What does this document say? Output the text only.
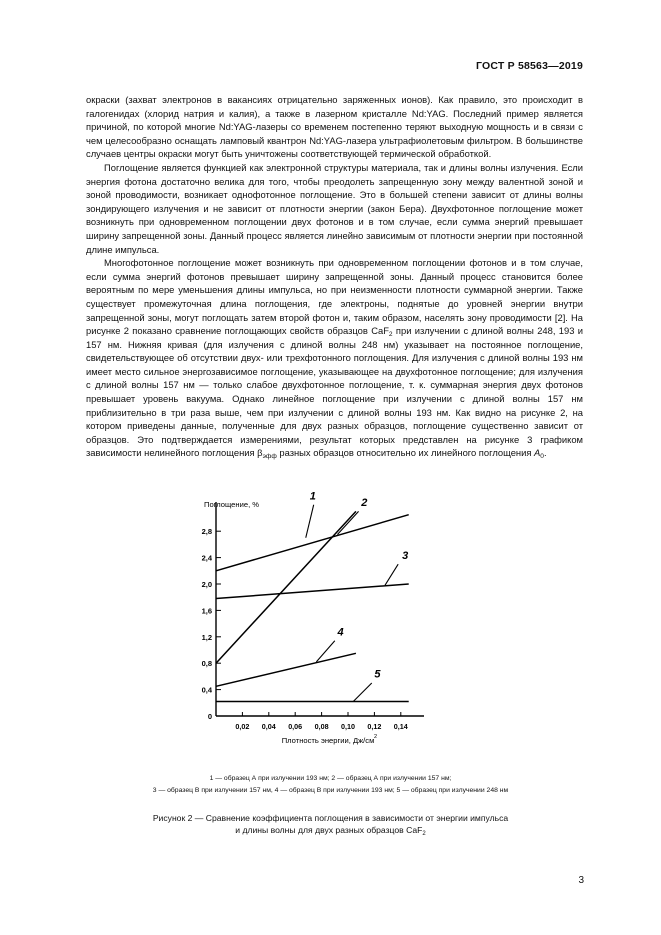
ГОСТ Р 58563—2019

окраски (захват электронов в вакансиях отрицательно заряженных ионов). Как правило, это происходит в галогенидах (хлорид натрия и калия), а также в лазерном кристалле Nd:YAG. Последний пример является причиной, по которой многие Nd:YAG-лазеры со временем постепенно теряют выходную мощность и в связи с чем целесообразно оснащать ламповый квантрон Nd:YAG-лазера ультрафиолетовым фильтром. В большинстве случаев центры окраски могут быть уничтожены соответствующей термической обработкой.

Поглощение является функцией как электронной структуры материала, так и длины волны излучения. Если энергия фотона достаточно велика для того, чтобы преодолеть запрещенную зону между валентной зоной и зоной проводимости, возникает однофотонное поглощение. Это в большей степени зависит от длины волны зондирующего излучения и не зависит от плотности энергии (закон Бера). Двухфотонное поглощение может возникнуть при одновременном поглощении двух фотонов и в том случае, если сумма энергий превышает ширину запрещенной зоны. Данный процесс является линейно зависимым от плотности энергии при постоянной длине импульса.

Многофотонное поглощение может возникнуть при одновременном поглощении фотонов и в том случае, если сумма энергий фотонов превышает ширину запрещенной зоны. Данный процесс становится более вероятным по мере уменьшения длины импульса, но при неизменности плотности суммарной энергии. Также существует промежуточная длина поглощения, где электроны, поднятые до уровней энергии внутри запрещенной зоны, могут поглощать затем второй фотон и, таким образом, населять зону проводимости [2]. На рисунке 2 показано сравнение поглощающих свойств образцов CaF$_2$ при излучении с длиной волны 248, 193 и 157 нм. Нижняя кривая (для излучения с длиной волны 248 нм) указывает на постоянное поглощение, свидетельствующее об отсутствии двух- или трехфотонного поглощения. Для излучения с длиной волны 193 нм имеет место сильное энергозависимое поглощение, указывающее на двухфотонное поглощение; для излучения с длиной волны 157 нм — только слабое двухфотонное поглощение, т. к. суммарная энергия двух фотонов превышает уровень вакуума. Однако линейное поглощение при излучении с длиной волны 157 нм приблизительно в три раза выше, чем при излучении с длиной волны 193 нм. Как видно на рисунке 2, на котором приведены данные, полученные для двух разных образцов, поглощение существенно зависит от образцов. Это подтверждается измерениями, результат которых представлен на рисунке 3 графиком зависимости нелинейного поглощения $\beta_{эфф}$ разных образцов относительно их линейного поглощения $A_0$.

0,4
0,8
1,2
1,6
2,0
2,4
2,8
0,02 0,04 0,06 0,08 0,10 0,12 0,14
0
Поглощение, %
Плотность энергии, Дж/см 2
1
2
3
4
5
1 — образец А при излучении 193 нм; 2 — образец А при излучении 157 нм;
3 — образец В при излучении 157 нм, 4 — образец В при излучении 193 нм; 5 — образец при излучении 248 нм
Рисунок 2 — Сравнение коэффициента поглощения в зависимости от энергии импульса
и длины волны для двух разных образцов CaF$_2$
3
